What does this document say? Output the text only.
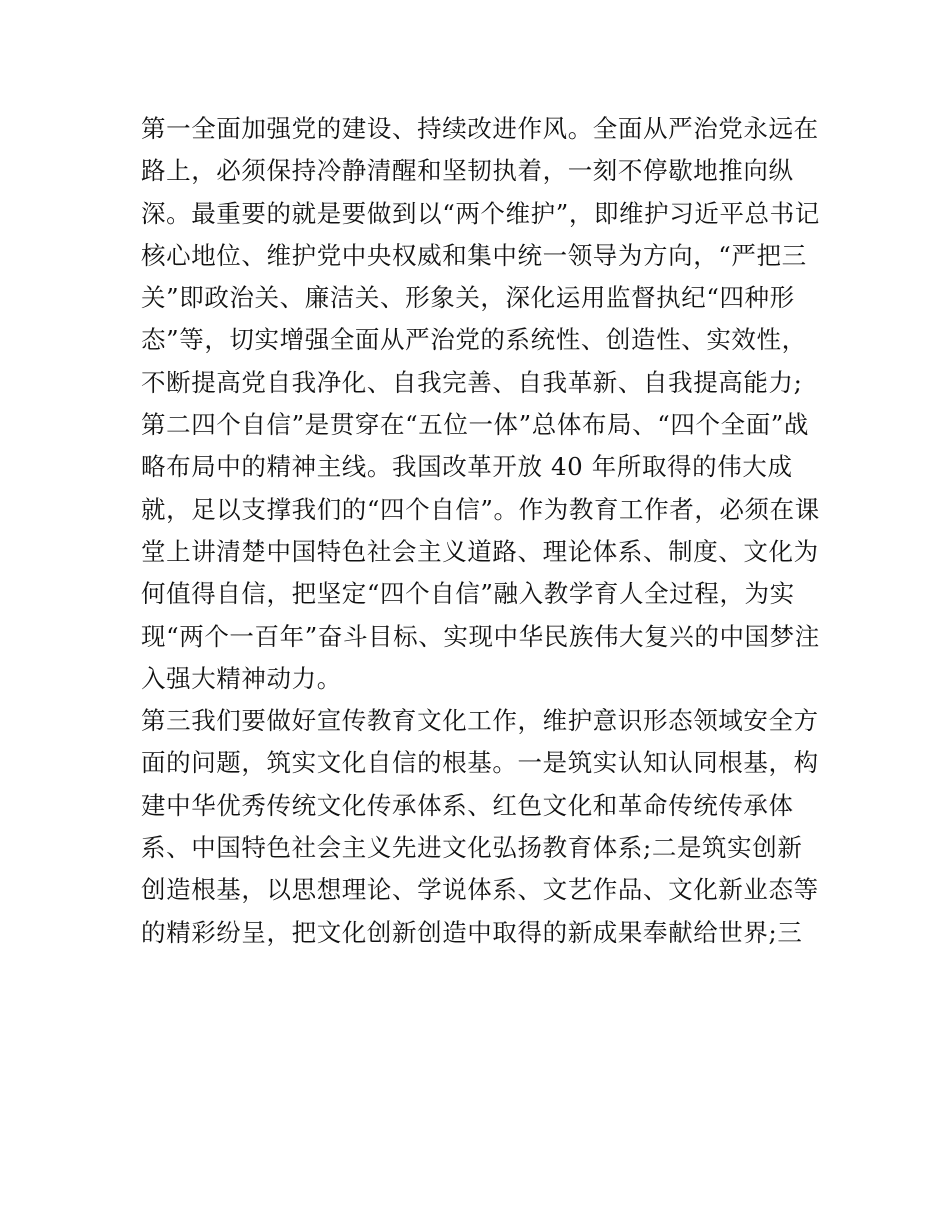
第一全面加强党的建设、持续改进作风。全面从严治党永远在
路上，必须保持冷静清醒和坚韧执着，一刻不停歇地推向纵
深。最重要的就是要做到以“两个维护”，即维护习近平总书记
核心地位、维护党中央权威和集中统一领导为方向，“严把三
关”即政治关、廉洁关、形象关，深化运用监督执纪“四种形
态”等，切实增强全面从严治党的系统性、创造性、实效性，
不断提高党自我净化、自我完善、自我革新、自我提高能力;
第二四个自信”是贯穿在“五位一体”总体布局、“四个全面”战
略布局中的精神主线。我国改革开放 40 年所取得的伟大成
就，足以支撑我们的“四个自信”。作为教育工作者，必须在课
堂上讲清楚中国特色社会主义道路、理论体系、制度、文化为
何值得自信，把坚定“四个自信”融入教学育人全过程，为实
现“两个一百年”奋斗目标、实现中华民族伟大复兴的中国梦注
入强大精神动力。
第三我们要做好宣传教育文化工作，维护意识形态领域安全方
面的问题，筑实文化自信的根基。一是筑实认知认同根基，构
建中华优秀传统文化传承体系、红色文化和革命传统传承体
系、中国特色社会主义先进文化弘扬教育体系;二是筑实创新
创造根基，以思想理论、学说体系、文艺作品、文化新业态等
的精彩纷呈，把文化创新创造中取得的新成果奉献给世界;三
